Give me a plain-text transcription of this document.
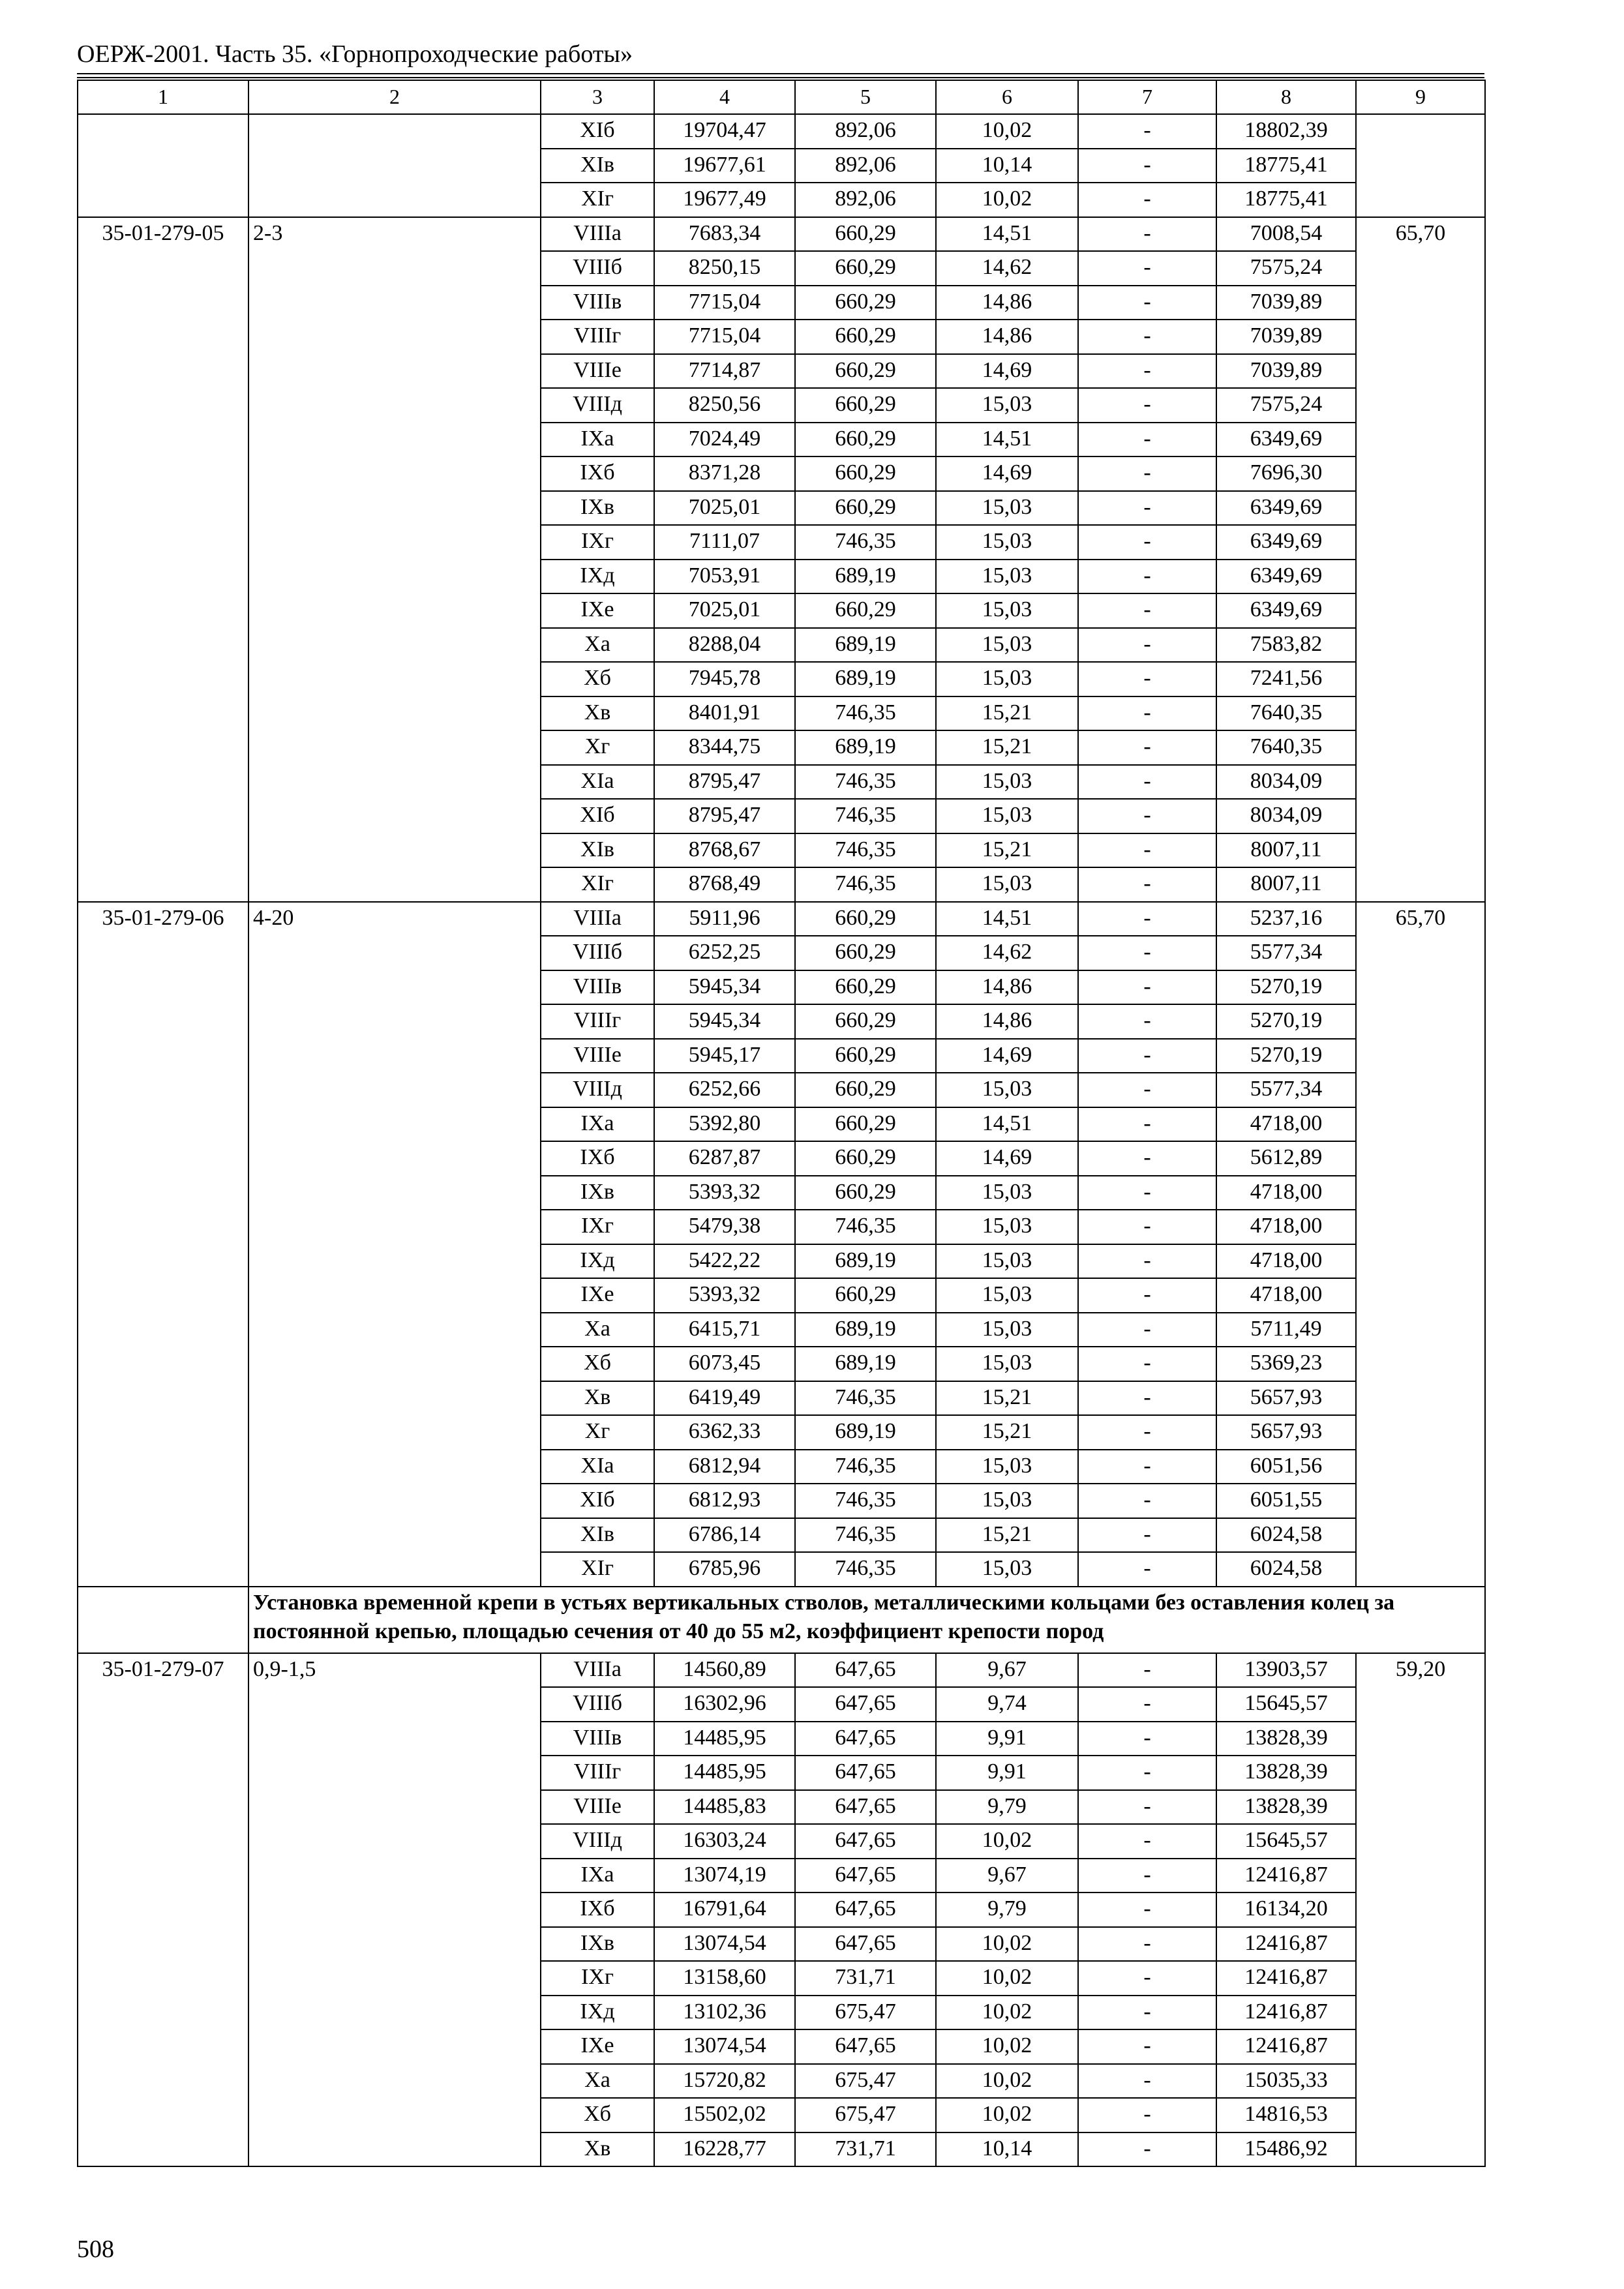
ОЕРЖ-2001. Часть 35. «Горнопроходческие работы»
1	2	3	4	5	6	7	8	9
		XIб	19704,47	892,06	10,02	-	18802,39	
		XIв	19677,61	892,06	10,14	-	18775,41	
		XIг	19677,49	892,06	10,02	-	18775,41	
35-01-279-05	2-3	VIIIа	7683,34	660,29	14,51	-	7008,54	65,70
		VIIIб	8250,15	660,29	14,62	-	7575,24	
		VIIIв	7715,04	660,29	14,86	-	7039,89	
		VIIIг	7715,04	660,29	14,86	-	7039,89	
		VIIIе	7714,87	660,29	14,69	-	7039,89	
		VIIIд	8250,56	660,29	15,03	-	7575,24	
		IXа	7024,49	660,29	14,51	-	6349,69	
		IXб	8371,28	660,29	14,69	-	7696,30	
		IXв	7025,01	660,29	15,03	-	6349,69	
		IXг	7111,07	746,35	15,03	-	6349,69	
		IXд	7053,91	689,19	15,03	-	6349,69	
		IXе	7025,01	660,29	15,03	-	6349,69	
		Xа	8288,04	689,19	15,03	-	7583,82	
		Xб	7945,78	689,19	15,03	-	7241,56	
		Xв	8401,91	746,35	15,21	-	7640,35	
		Xг	8344,75	689,19	15,21	-	7640,35	
		XIа	8795,47	746,35	15,03	-	8034,09	
		XIб	8795,47	746,35	15,03	-	8034,09	
		XIв	8768,67	746,35	15,21	-	8007,11	
		XIг	8768,49	746,35	15,03	-	8007,11	
35-01-279-06	4-20	VIIIа	5911,96	660,29	14,51	-	5237,16	65,70
		VIIIб	6252,25	660,29	14,62	-	5577,34	
		VIIIв	5945,34	660,29	14,86	-	5270,19	
		VIIIг	5945,34	660,29	14,86	-	5270,19	
		VIIIе	5945,17	660,29	14,69	-	5270,19	
		VIIIд	6252,66	660,29	15,03	-	5577,34	
		IXа	5392,80	660,29	14,51	-	4718,00	
		IXб	6287,87	660,29	14,69	-	5612,89	
		IXв	5393,32	660,29	15,03	-	4718,00	
		IXг	5479,38	746,35	15,03	-	4718,00	
		IXд	5422,22	689,19	15,03	-	4718,00	
		IXе	5393,32	660,29	15,03	-	4718,00	
		Xа	6415,71	689,19	15,03	-	5711,49	
		Xб	6073,45	689,19	15,03	-	5369,23	
		Xв	6419,49	746,35	15,21	-	5657,93	
		Xг	6362,33	689,19	15,21	-	5657,93	
		XIа	6812,94	746,35	15,03	-	6051,56	
		XIб	6812,93	746,35	15,03	-	6051,55	
		XIв	6786,14	746,35	15,21	-	6024,58	
		XIг	6785,96	746,35	15,03	-	6024,58	
	Установка временной крепи в устьях вертикальных стволов, металлическими кольцами без оставления колец за постоянной крепью, площадью сечения от 40 до 55 м2, коэффициент крепости пород							
35-01-279-07	0,9-1,5	VIIIа	14560,89	647,65	9,67	-	13903,57	59,20
		VIIIб	16302,96	647,65	9,74	-	15645,57	
		VIIIв	14485,95	647,65	9,91	-	13828,39	
		VIIIг	14485,95	647,65	9,91	-	13828,39	
		VIIIе	14485,83	647,65	9,79	-	13828,39	
		VIIIд	16303,24	647,65	10,02	-	15645,57	
		IXа	13074,19	647,65	9,67	-	12416,87	
		IXб	16791,64	647,65	9,79	-	16134,20	
		IXв	13074,54	647,65	10,02	-	12416,87	
		IXг	13158,60	731,71	10,02	-	12416,87	
		IXд	13102,36	675,47	10,02	-	12416,87	
		IXе	13074,54	647,65	10,02	-	12416,87	
		Xа	15720,82	675,47	10,02	-	15035,33	
		Xб	15502,02	675,47	10,02	-	14816,53	
		Xв	16228,77	731,71	10,14	-	15486,92	
508
